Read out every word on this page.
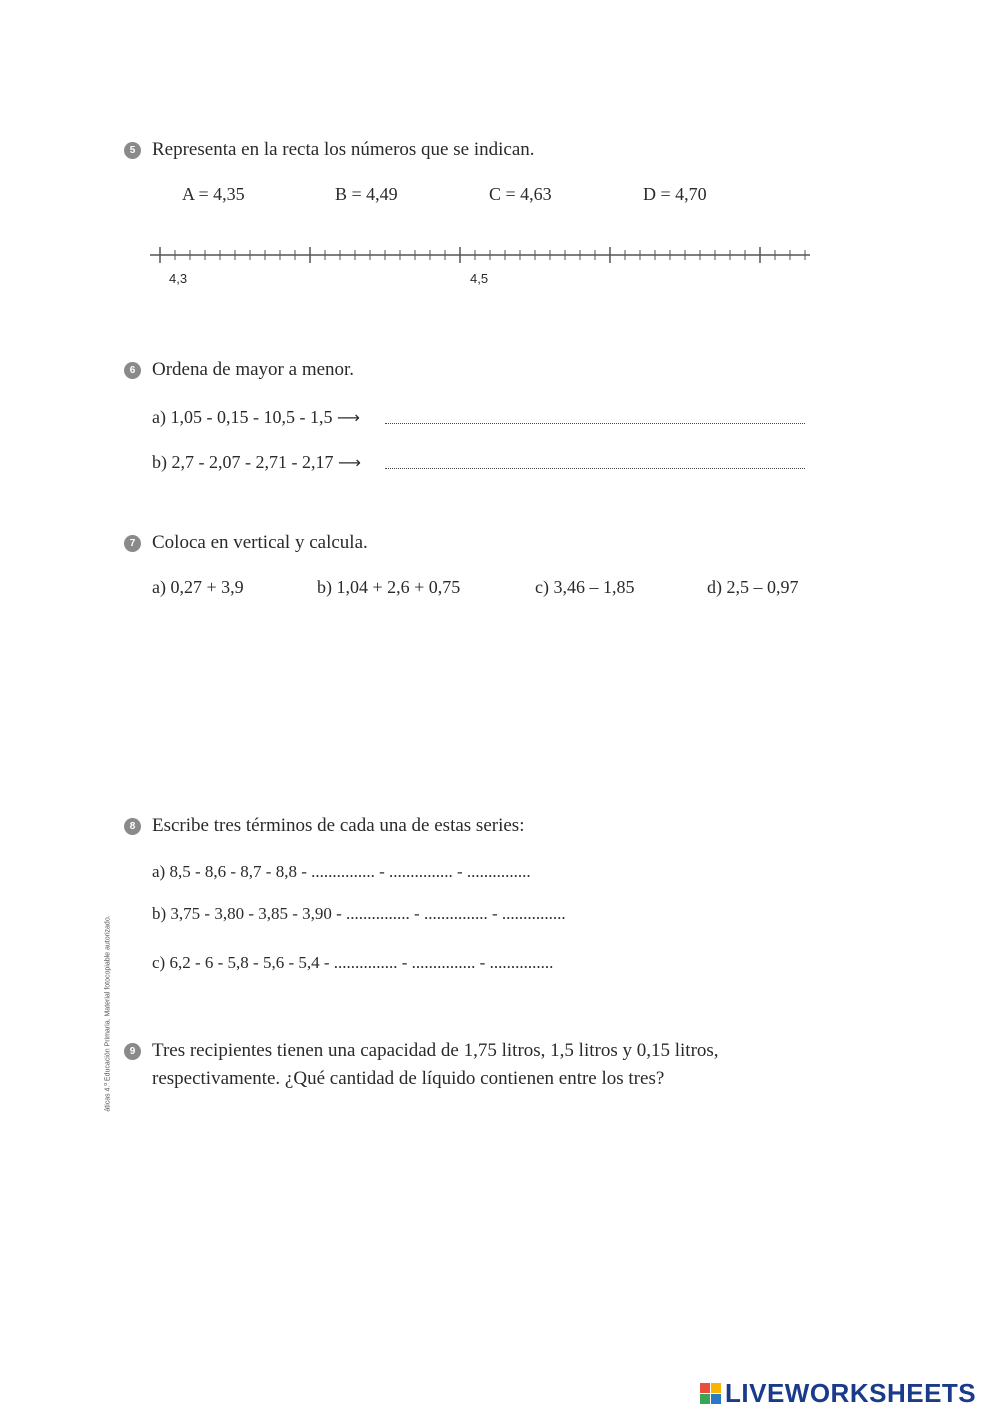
5 Representa en la recta los números que se indican.
A = 4,35	B = 4,49	C = 4,63	D = 4,70
4,3	4,5
6 Ordena de mayor a menor.
a) 1,05 - 0,15 - 10,5 - 1,5 ⟶
b) 2,7 - 2,07 - 2,71 - 2,17 ⟶
7 Coloca en vertical y calcula.
a) 0,27 + 3,9	b) 1,04 + 2,6 + 0,75	c) 3,46 – 1,85	d) 2,5 – 0,97
8 Escribe tres términos de cada una de estas series:
a) 8,5 - 8,6 - 8,7 - 8,8 - ............... - ............... - ...............
b) 3,75 - 3,80 - 3,85 - 3,90 - ............... - ............... - ...............
c) 6,2 - 6 - 5,8 - 5,6 - 5,4 - ............... - ............... - ...............
9 Tres recipientes tienen una capacidad de 1,75 litros, 1,5 litros y 0,15 litros,
respectivamente. ¿Qué cantidad de líquido contienen entre los tres?
áticas 4.º Educación Primaria. Material fotocopiable autorizado.
LIVEWORKSHEETS
